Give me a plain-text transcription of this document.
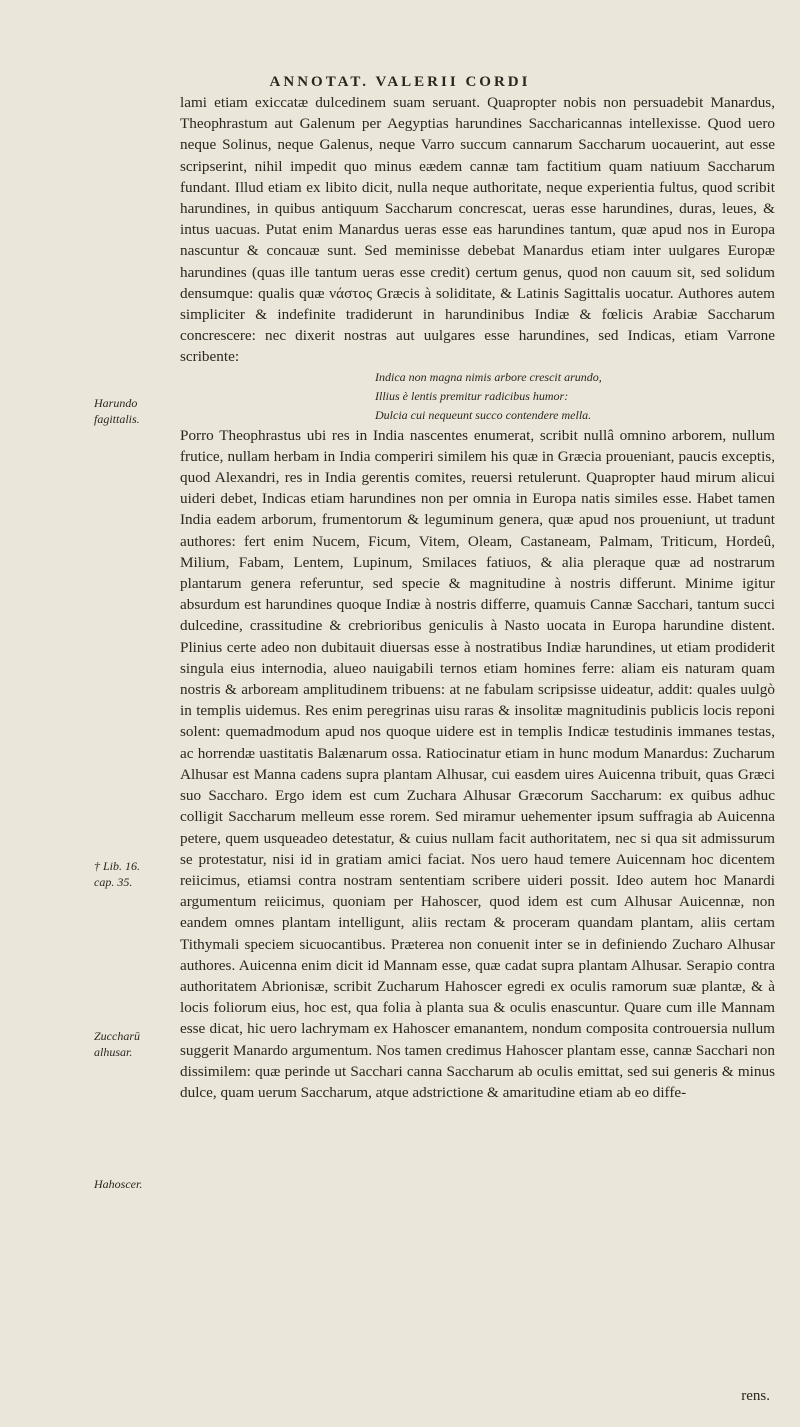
ANNOTAT. VALERII CORDI

lami etiam exiccatæ dulcedinem suam seruant. Quapropter nobis non persuadebit Manardus, Theophrastum aut Galenum per Aegyptias harundines Saccharicannas intellexisse. Quod uero neque Solinus, neque Galenus, neque Varro succum cannarum Saccharum uocauerint, aut esse scripserint, nihil impedit quo minus eædem cannæ tam factitium quam natiuum Saccharum fundant. Illud etiam ex libito dicit, nulla neque authoritate, neque experientia fultus, quod scribit harundines, in quibus antiquum Saccharum concrescat, ueras esse harundines, duras, leues, & intus uacuas. Putat enim Manardus ueras esse eas harundines tantum, quæ apud nos in Europa nascuntur & concauæ sunt. Sed meminisse debebat Manardus etiam inter uulgares Europæ harundines (quas ille tantum ueras esse credit) certum genus, quod non cauum sit, sed solidum densumque: qualis quæ νάστος Græcis à soliditate, & Latinis Sagittalis uocatur. Authores autem simpliciter & indefinite tradiderunt in harundinibus Indiæ & fœlicis Arabiæ Saccharum concrescere: nec dixerit nostras aut uulgares esse harundines, sed Indicas, etiam Varrone scribente:

Indica non magna nimis arbore crescit arundo,
Illius è lentis premitur radicibus humor:
Dulcia cui nequeunt succo contendere mella.

Porro Theophrastus ubi res in India nascentes enumerat, scribit nullâ omnino arborem, nullum frutice, nullam herbam in India comperiri similem his quæ in Græcia proueniant, paucis exceptis, quod Alexandri, res in India gerentis comites, reuersi retulerunt. Quapropter haud mirum alicui uideri debet, Indicas etiam harundines non per omnia in Europa natis similes esse. Habet tamen India eadem arborum, frumentorum & leguminum genera, quæ apud nos proueniunt, ut tradunt authores: fert enim Nucem, Ficum, Vitem, Oleam, Castaneam, Palmam, Triticum, Hordeû, Milium, Fabam, Lentem, Lupinum, Smilaces fatiuos, & alia pleraque quæ ad nostrarum plantarum genera referuntur, sed specie & magnitudine à nostris differunt. Minime igitur absurdum est harundines quoque Indiæ à nostris differre, quamuis Cannæ Sacchari, tantum succi dulcedine, crassitudine & crebrioribus geniculis à Nasto uocata in Europa harundine distent. Plinius certe adeo non dubitauit diuersas esse à nostratibus Indiæ harundines, ut etiam prodiderit singula eius internodia, alueo nauigabili ternos etiam homines ferre: aliam eis naturam quam nostris & arboream amplitudinem tribuens: at ne fabulam scripsisse uideatur, addit: quales uulgò in templis uidemus. Res enim peregrinas uisu raras & insolitæ magnitudinis publicis locis reponi solent: quemadmodum apud nos quoque uidere est in templis Indicæ testudinis immanes testas, ac horrendæ uastitatis Balænarum ossa. Ratiocinatur etiam in hunc modum Manardus: Zucharum Alhusar est Manna cadens supra plantam Alhusar, cui easdem uires Auicenna tribuit, quas Græci suo Saccharo. Ergo idem est cum Zuchara Alhusar Græcorum Saccharum: ex quibus adhuc colligit Saccharum melleum esse rorem. Sed miramur uehementer ipsum suffragia ab Auicenna petere, quem usqueadeo detestatur, & cuius nullam facit authoritatem, nec si qua sit admissurum se protestatur, nisi id in gratiam amici faciat. Nos uero haud temere Auicennam hoc dicentem reiicimus, etiamsi contra nostram sententiam scribere uideri possit. Ideo autem hoc Manardi argumentum reiicimus, quoniam per Hahoscer, quod idem est cum Alhusar Auicennæ, non eandem omnes plantam intelligunt, aliis rectam & proceram quandam plantam, aliis certam Tithymali speciem sicuocantibus. Præterea non conuenit inter se in definiendo Zucharo Alhusar authores. Auicenna enim dicit id Mannam esse, quæ cadat supra plantam Alhusar. Serapio contra authoritatem Abrionisæ, scribit Zucharum Hahoscer egredi ex oculis ramorum suæ plantæ, & à locis foliorum eius, hoc est, qua folia à planta sua & oculis enascuntur. Quare cum ille Mannam esse dicat, hic uero lachrymam ex Hahoscer emanantem, nondum composita controuersia nullum suggerit Manardo argumentum. Nos tamen credimus Hahoscer plantam esse, cannæ Sacchari non dissimilem: quæ perinde ut Sacchari canna Saccharum ab oculis emittat, sed sui generis & minus dulce, quam uerum Saccharum, atque adstrictione & amaritudine etiam ab eo diffe-

Harundo
fagittalis.
† Lib. 16.
cap. 35.
Zuccharū
alhusar.
Hahoscer.
rens.
